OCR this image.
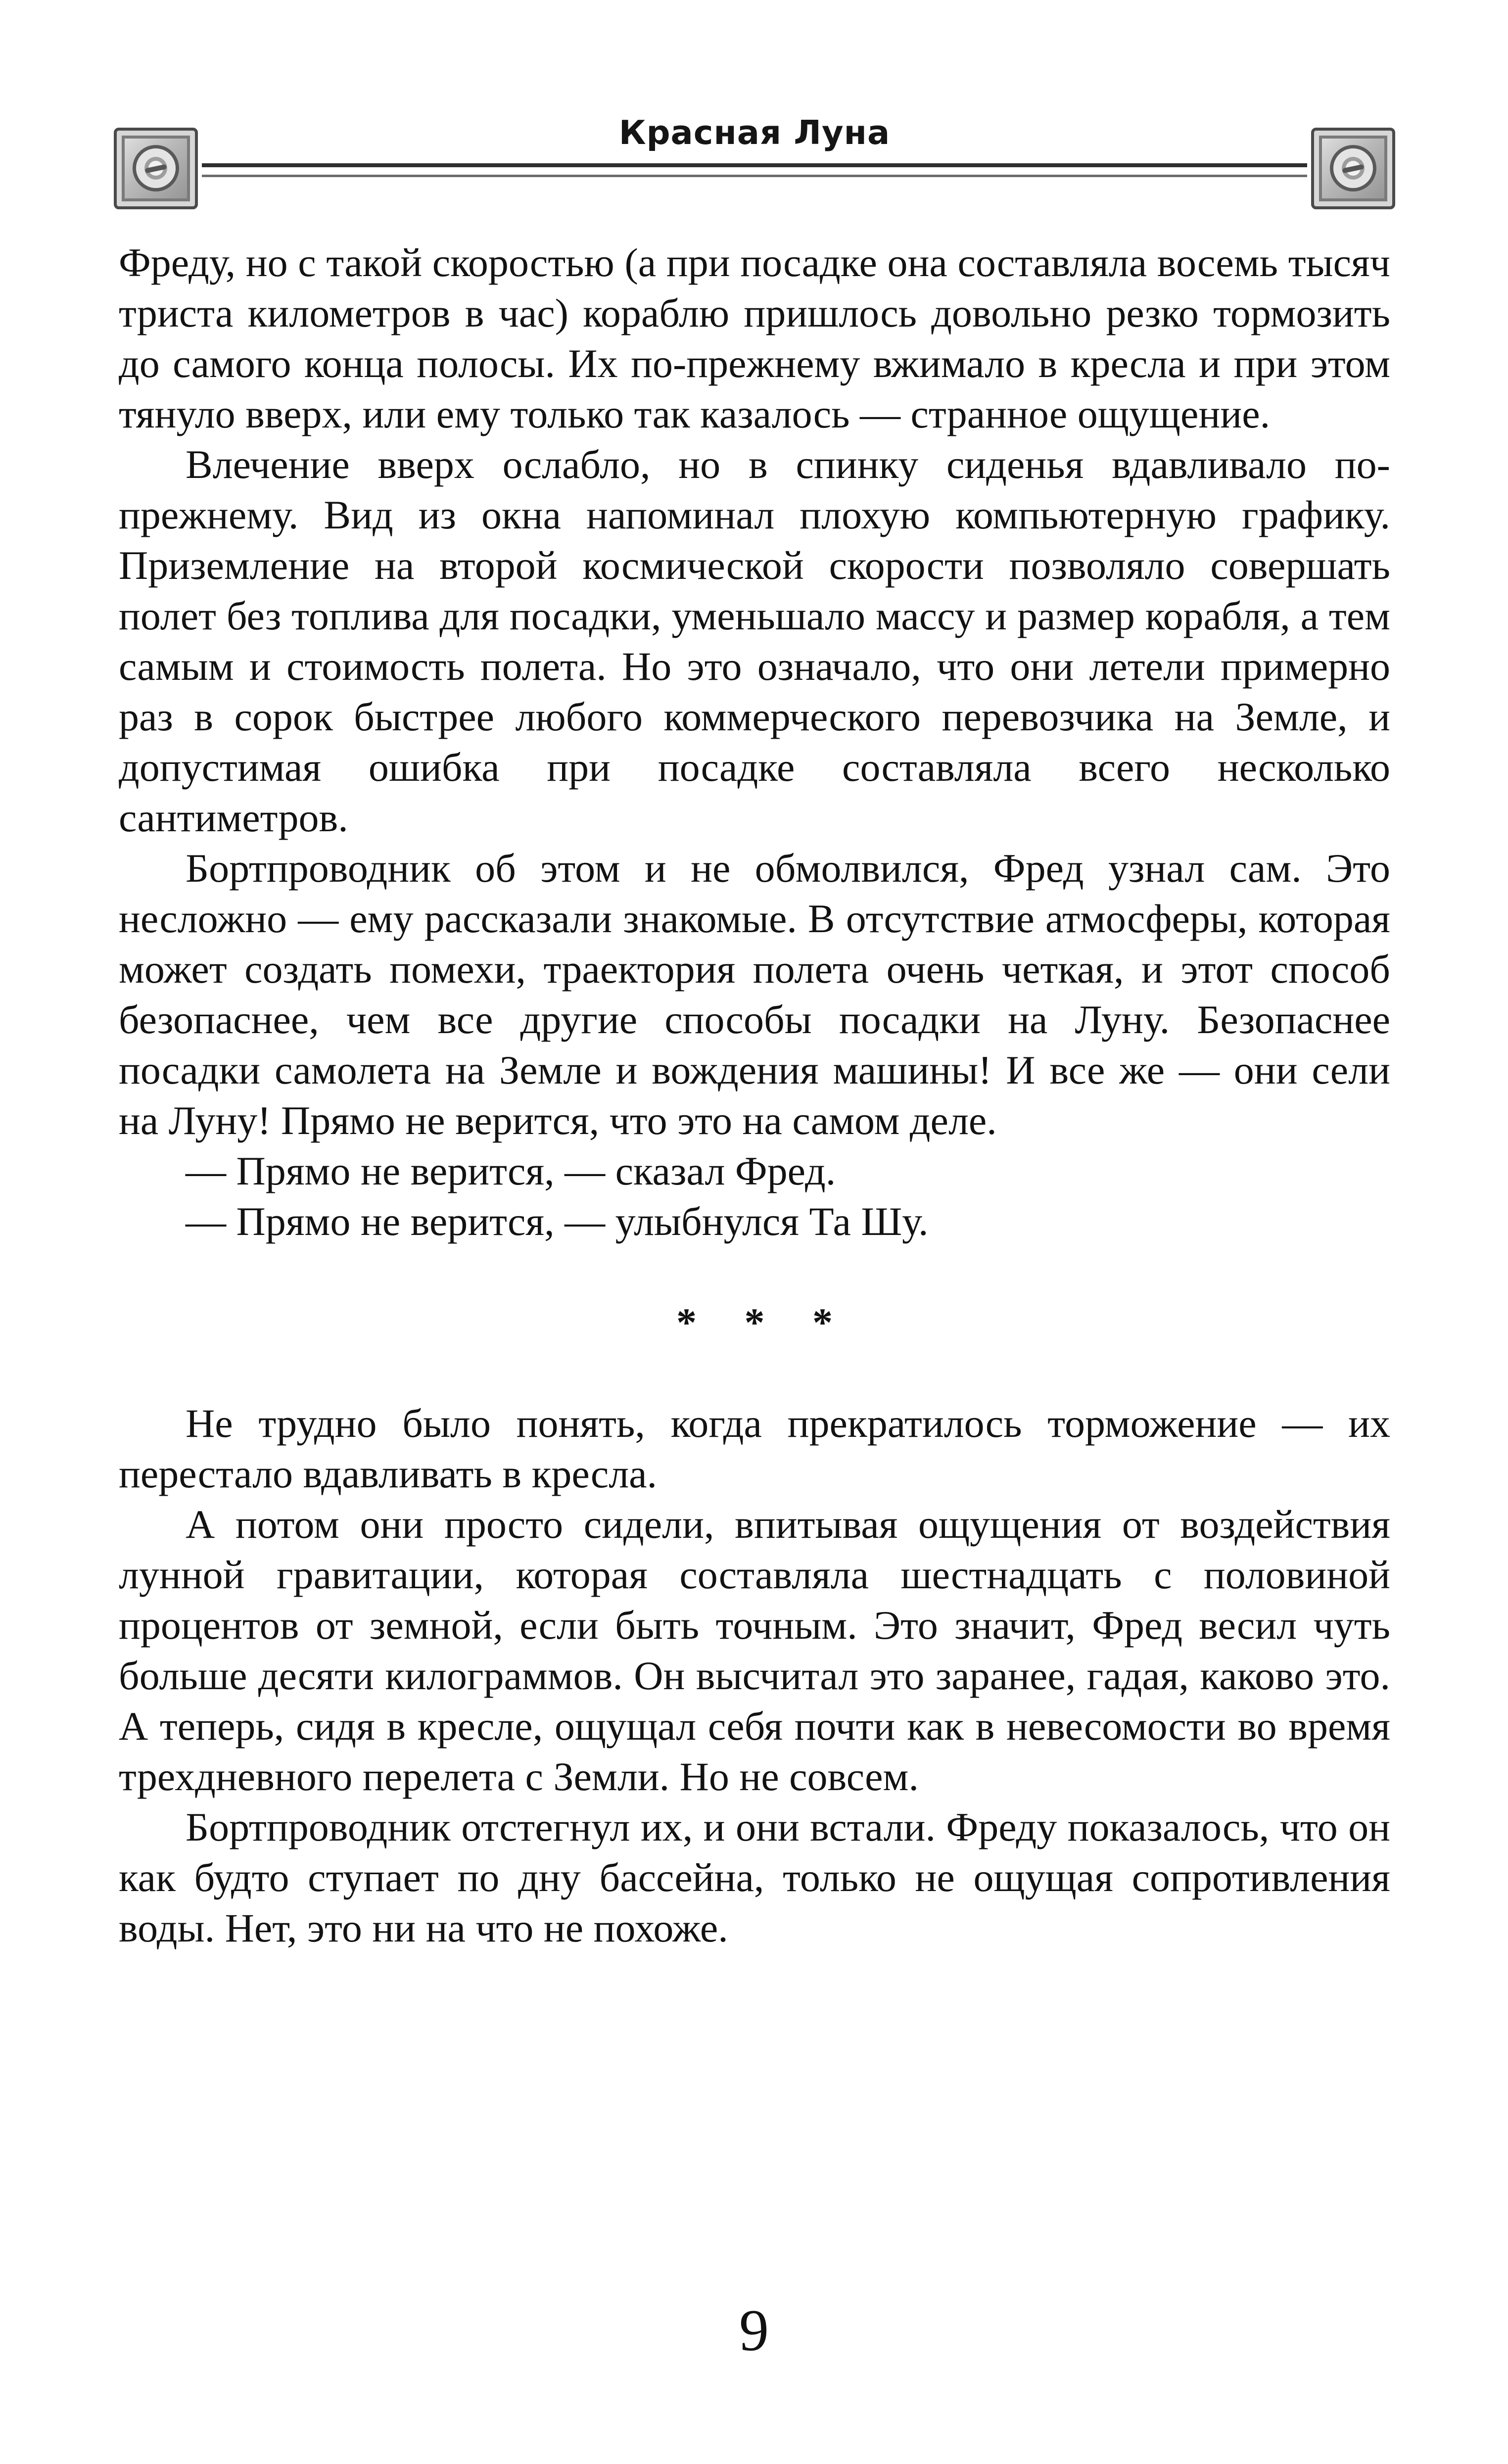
Красная Луна

Фреду, но с такой скоростью (а при посадке она составляла восемь тысяч триста километров в час) кораблю пришлось довольно резко тормозить до самого конца полосы. Их по-прежнему вжимало в кресла и при этом тянуло вверх, или ему только так казалось — странное ощущение.

Влечение вверх ослабло, но в спинку сиденья вдавливало по-прежнему. Вид из окна напоминал плохую компьютерную графику. Приземление на второй космической скорости позволяло совершать полет без топлива для посадки, уменьшало массу и размер корабля, а тем самым и стоимость полета. Но это означало, что они летели примерно раз в сорок быстрее любого коммерческого перевозчика на Земле, и допустимая ошибка при посадке составляла всего несколько сантиметров.

Бортпроводник об этом и не обмолвился, Фред узнал сам. Это несложно — ему рассказали знакомые. В отсутствие атмосферы, которая может создать помехи, траектория полета очень четкая, и этот способ безопаснее, чем все другие способы посадки на Луну. Безопаснее посадки самолета на Земле и вождения машины! И все же — они сели на Луну! Прямо не верится, что это на самом деле.

— Прямо не верится, — сказал Фред.

— Прямо не верится, — улыбнулся Та Шу.

* * *

Не трудно было понять, когда прекратилось торможение — их перестало вдавливать в кресла.

А потом они просто сидели, впитывая ощущения от воздействия лунной гравитации, которая составляла шестнадцать с половиной процентов от земной, если быть точным. Это значит, Фред весил чуть больше десяти килограммов. Он высчитал это заранее, гадая, каково это. А теперь, сидя в кресле, ощущал себя почти как в невесомости во время трехдневного перелета с Земли. Но не совсем.

Бортпроводник отстегнул их, и они встали. Фреду показалось, что он как будто ступает по дну бассейна, только не ощущая сопротивления воды. Нет, это ни на что не похоже.

9
